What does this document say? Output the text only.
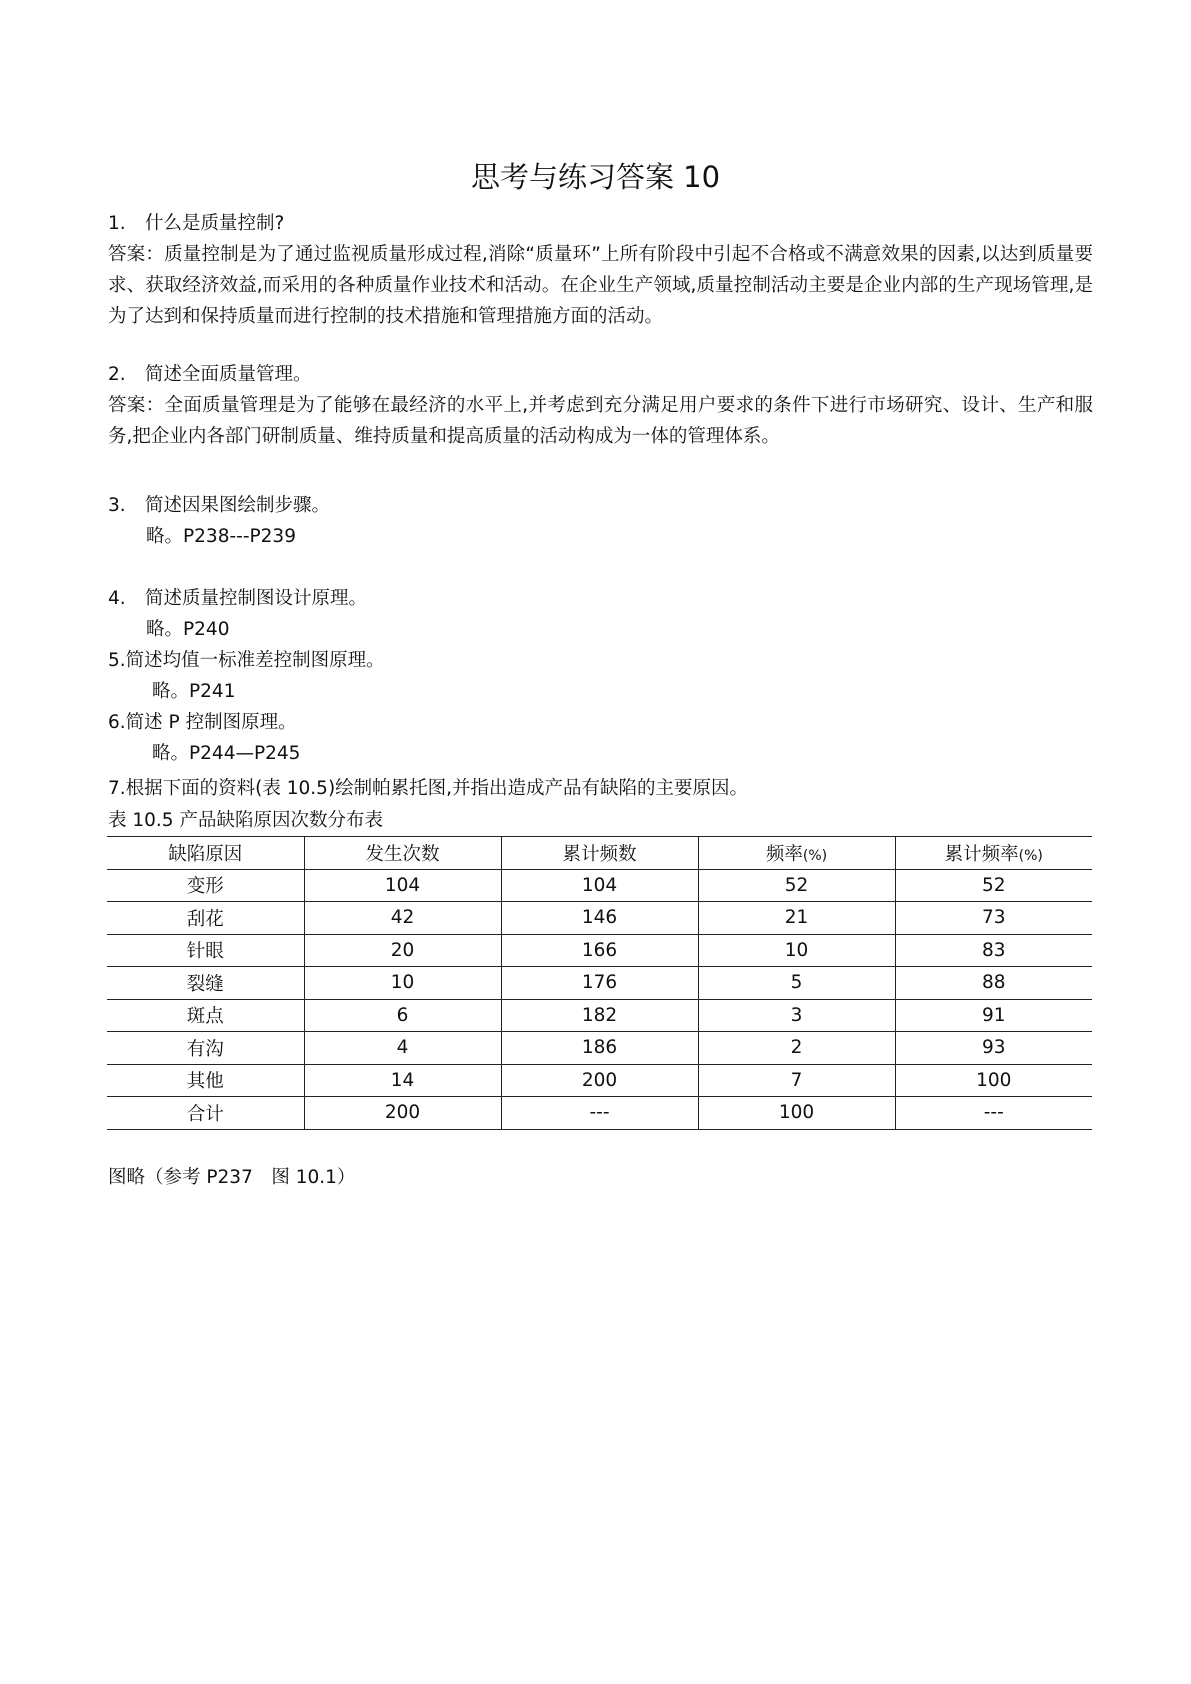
思考与练习答案 10

1. 什么是质量控制?

答案：质量控制是为了通过监视质量形成过程,消除“质量环”上所有阶段中引起不合格或不满意效果的因素,以达到质量要求、获取经济效益,而采用的各种质量作业技术和活动。在企业生产领域,质量控制活动主要是企业内部的生产现场管理,是为了达到和保持质量而进行控制的技术措施和管理措施方面的活动。

2. 简述全面质量管理。

答案：全面质量管理是为了能够在最经济的水平上,并考虑到充分满足用户要求的条件下进行市场研究、设计、生产和服务,把企业内各部门研制质量、维持质量和提高质量的活动构成为一体的管理体系。

3. 简述因果图绘制步骤。

略。P238---P239

4. 简述质量控制图设计原理。

略。P240

5.简述均值一标准差控制图原理。

略。P241

6.简述 P 控制图原理。

略。P244—P245

7.根据下面的资料(表 10.5)绘制帕累托图,并指出造成产品有缺陷的主要原因。

表 10.5 产品缺陷原因次数分布表

缺陷原因	发生次数	累计频数	频率(%)	累计频率(%)
变形	104	104	52	52
刮花	42	146	21	73
针眼	20	166	10	83
裂缝	10	176	5	88
斑点	6	182	3	91
有沟	4	186	2	93
其他	14	200	7	100
合计	200	---	100	---

图略（参考 P237　图 10.1）
